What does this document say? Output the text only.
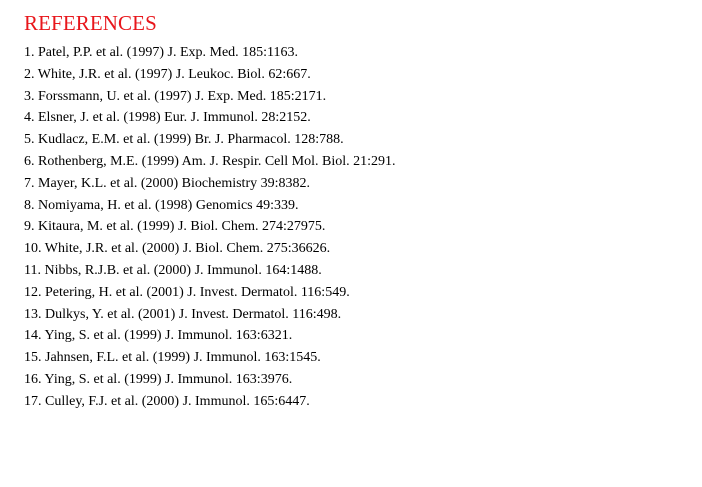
REFERENCES
1. Patel, P.P. et al. (1997) J. Exp. Med. 185:1163.
2. White, J.R. et al. (1997) J. Leukoc. Biol. 62:667.
3. Forssmann, U. et al. (1997) J. Exp. Med. 185:2171.
4. Elsner, J. et al. (1998) Eur. J. Immunol. 28:2152.
5. Kudlacz, E.M. et al. (1999) Br. J. Pharmacol. 128:788.
6. Rothenberg, M.E. (1999) Am. J. Respir. Cell Mol. Biol. 21:291.
7. Mayer, K.L. et al. (2000) Biochemistry 39:8382.
8. Nomiyama, H. et al. (1998) Genomics 49:339.
9. Kitaura, M. et al. (1999) J. Biol. Chem. 274:27975.
10. White, J.R. et al. (2000) J. Biol. Chem. 275:36626.
11. Nibbs, R.J.B. et al. (2000) J. Immunol. 164:1488.
12. Petering, H. et al. (2001) J. Invest. Dermatol. 116:549.
13. Dulkys, Y. et al. (2001) J. Invest. Dermatol. 116:498.
14. Ying, S. et al. (1999) J. Immunol. 163:6321.
15. Jahnsen, F.L. et al. (1999) J. Immunol. 163:1545.
16. Ying, S. et al. (1999) J. Immunol. 163:3976.
17. Culley, F.J. et al. (2000) J. Immunol. 165:6447.
